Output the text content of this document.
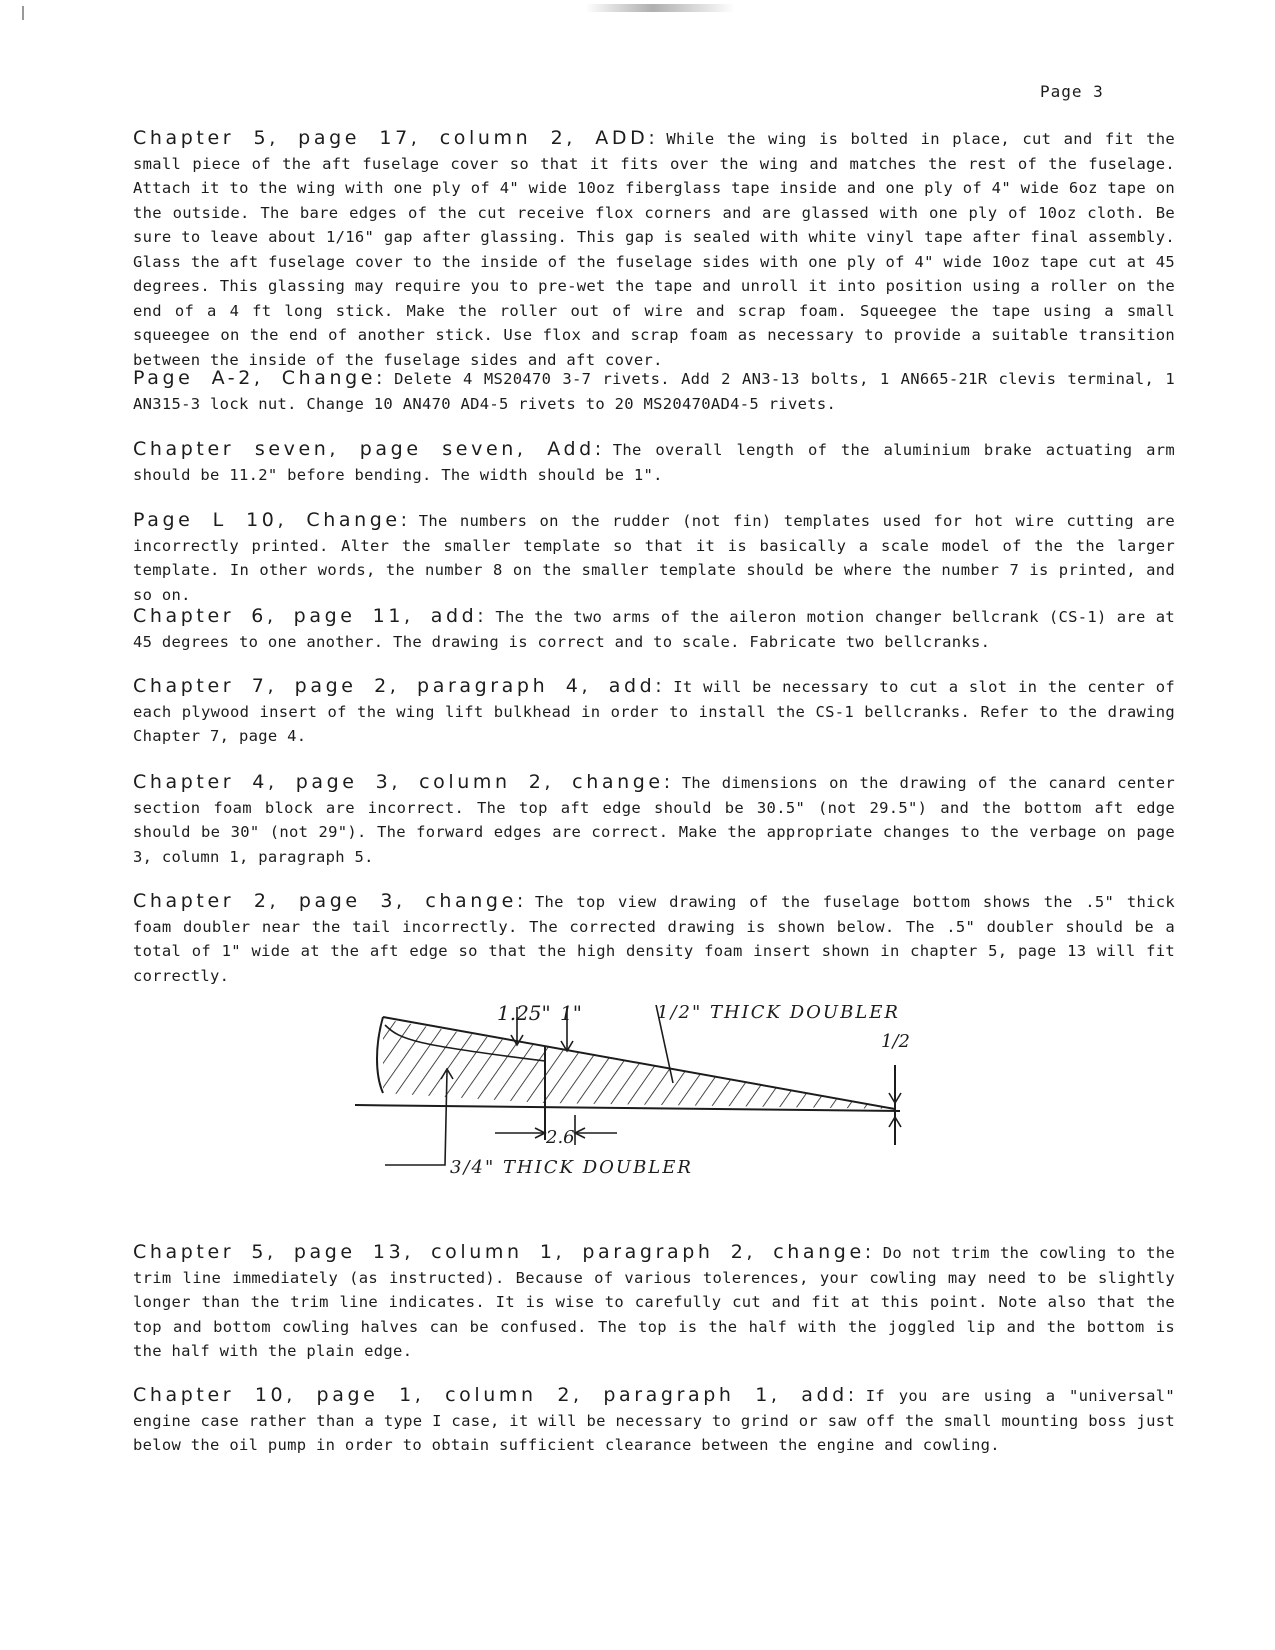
Page 3
Chapter 5, page 17, column 2, ADD: While the wing is bolted in place, cut and fit the small piece of the aft fuselage cover so that it fits over the wing and matches the rest of the fuselage. Attach it to the wing with one ply of 4" wide 10oz fiberglass tape inside and one ply of 4" wide 6oz tape on the outside. The bare edges of the cut receive flox corners and are glassed with one ply of 10oz cloth. Be sure to leave about 1/16" gap after glassing. This gap is sealed with white vinyl tape after final assembly. Glass the aft fuselage cover to the inside of the fuselage sides with one ply of 4" wide 10oz tape cut at 45 degrees. This glassing may require you to pre-wet the tape and unroll it into position using a roller on the end of a 4 ft long stick. Make the roller out of wire and scrap foam. Squeegee the tape using a small squeegee on the end of another stick. Use flox and scrap foam as necessary to provide a suitable transition between the inside of the fuselage sides and aft cover.
Page A-2, Change: Delete 4 MS20470 3-7 rivets. Add 2 AN3-13 bolts, 1 AN665-21R clevis terminal, 1 AN315-3 lock nut. Change 10 AN470 AD4-5 rivets to 20 MS20470AD4-5 rivets.
Chapter seven, page seven, Add: The overall length of the aluminium brake actuating arm should be 11.2" before bending. The width should be 1".
Page L 10, Change: The numbers on the rudder (not fin) templates used for hot wire cutting are incorrectly printed. Alter the smaller template so that it is basically a scale model of the the larger template. In other words, the number 8 on the smaller template should be where the number 7 is printed, and so on.
Chapter 6, page 11, add: The the two arms of the aileron motion changer bellcrank (CS-1) are at 45 degrees to one another. The drawing is correct and to scale. Fabricate two bellcranks.
Chapter 7, page 2, paragraph 4, add: It will be necessary to cut a slot in the center of each plywood insert of the wing lift bulkhead in order to install the CS-1 bellcranks. Refer to the drawing Chapter 7, page 4.
Chapter 4, page 3, column 2, change: The dimensions on the drawing of the canard center section foam block are incorrect. The top aft edge should be 30.5" (not 29.5") and the bottom aft edge should be 30" (not 29"). The forward edges are correct. Make the appropriate changes to the verbage on page 3, column 1, paragraph 5.
Chapter 2, page 3, change: The top view drawing of the fuselage bottom shows the .5" thick foam doubler near the tail incorrectly. The corrected drawing is shown below. The .5" doubler should be a total of 1" wide at the aft edge so that the high density foam insert shown in chapter 5, page 13 will fit correctly.
1.25" 1"	1/2" THICK DOUBLER
1/2
2.6
3/4" THICK DOUBLER
Chapter 5, page 13, column 1, paragraph 2, change: Do not trim the cowling to the trim line immediately (as instructed). Because of various tolerences, your cowling may need to be slightly longer than the trim line indicates. It is wise to carefully cut and fit at this point. Note also that the top and bottom cowling halves can be confused. The top is the half with the joggled lip and the bottom is the half with the plain edge.
Chapter 10, page 1, column 2, paragraph 1, add: If you are using a "universal" engine case rather than a type I case, it will be necessary to grind or saw off the small mounting boss just below the oil pump in order to obtain sufficient clearance between the engine and cowling.
